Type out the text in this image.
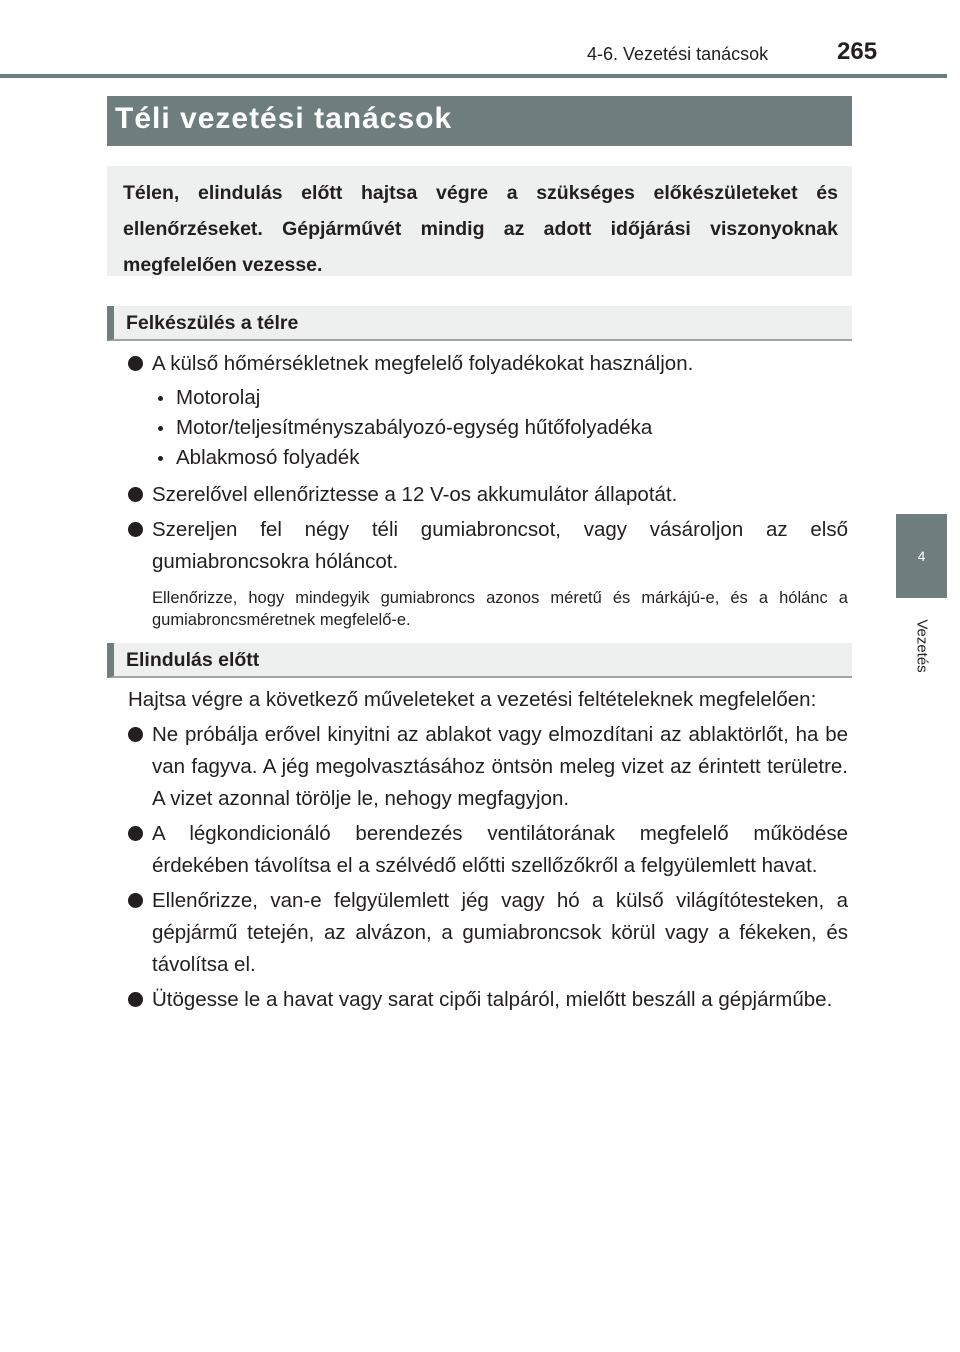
4-6. Vezetési tanácsok	265
4
Vezetés
Téli vezetési tanácsok

Télen, elindulás előtt hajtsa végre a szükséges előkészületeket és ellenőrzéseket. Gépjárművét mindig az adott időjárási viszonyoknak megfelelően vezesse.

Felkészülés a télre
A külső hőmérsékletnek megfelelő folyadékokat használjon.
Motorolaj
Motor/teljesítményszabályozó-egység hűtőfolyadéka
Ablakmosó folyadék
Szerelővel ellenőriztesse a 12 V-os akkumulátor állapotát.
Szereljen fel négy téli gumiabroncsot, vagy vásároljon az első gumiabroncsokra hóláncot.
Ellenőrizze, hogy mindegyik gumiabroncs azonos méretű és márkájú-e, és a hólánc a gumiabroncsméretnek megfelelő-e.
Elindulás előtt
Hajtsa végre a következő műveleteket a vezetési feltételeknek megfelelően:
Ne próbálja erővel kinyitni az ablakot vagy elmozdítani az ablaktörlőt, ha be van fagyva. A jég megolvasztásához öntsön meleg vizet az érintett területre. A vizet azonnal törölje le, nehogy megfagyjon.
A légkondicionáló berendezés ventilátorának megfelelő működése érdekében távolítsa el a szélvédő előtti szellőzőkről a felgyülemlett havat.
Ellenőrizze, van-e felgyülemlett jég vagy hó a külső világítótesteken, a gépjármű tetején, az alvázon, a gumiabroncsok körül vagy a fékeken, és távolítsa el.
Ütögesse le a havat vagy sarat cipői talpáról, mielőtt beszáll a gépjárműbe.
